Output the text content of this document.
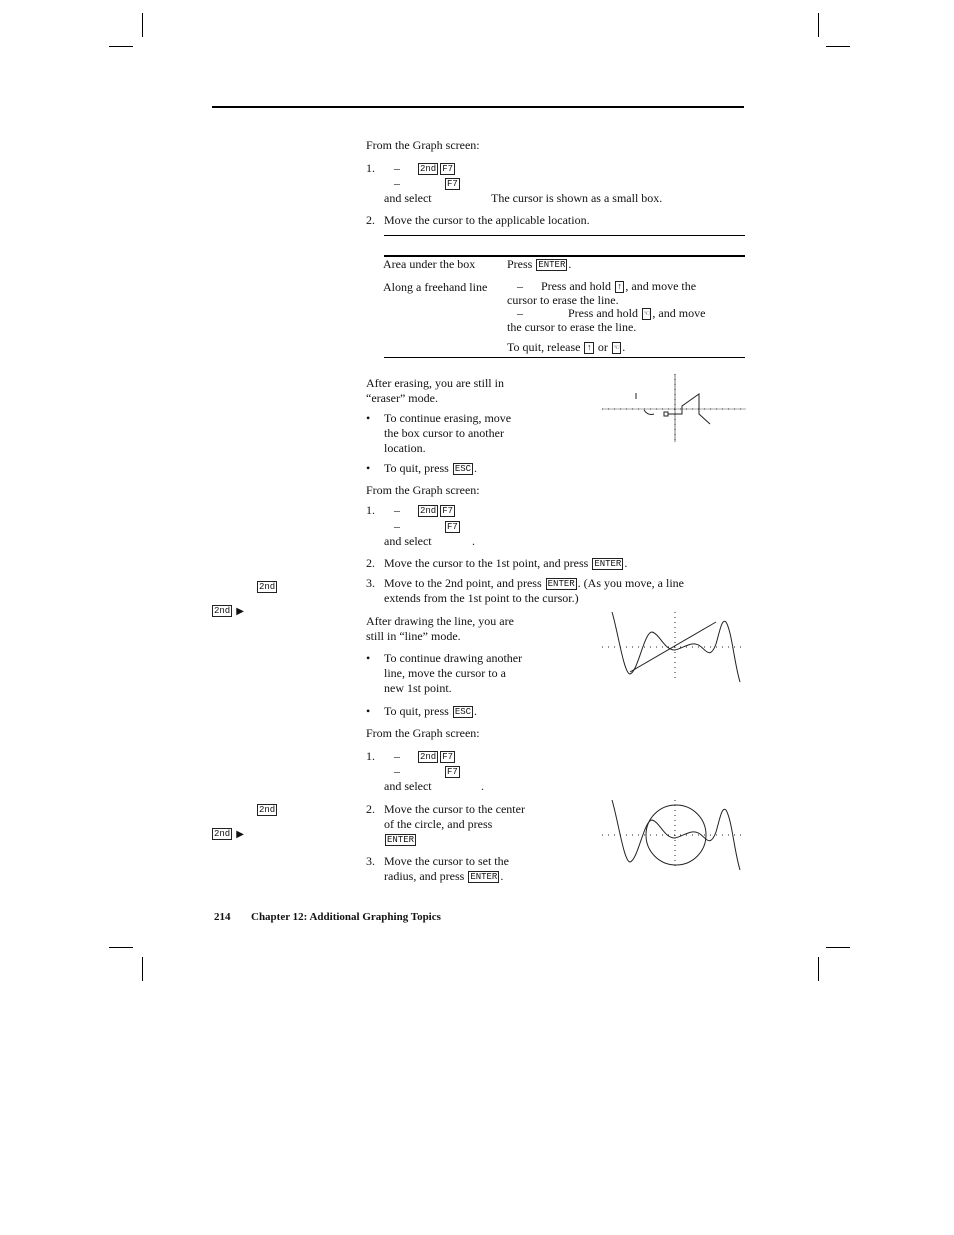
From the Graph screen:
1. –	2nd F7
–	F7
and select	The cursor is shown as a small box.
2. Move the cursor to the applicable location.
Area under the box	Press ENTER .
Along a freehand line – Press and hold ↑ , and move the
cursor to erase the line.
–	Press and hold ☜ , and move
the cursor to erase the line.
To quit, release ↑ or ☜ .
After erasing, you are still in
“eraser” mode.
• To continue erasing, move
the box cursor to another
location.
• To quit, press ESC .
From the Graph screen:
1. –	2nd F7
–	F7
and select	.
2. Move the cursor to the 1st point, and press ENTER .
2nd
2nd ▶︎
3. Move to the 2nd point, and press ENTER . (As you move, a line
extends from the 1st point to the cursor.)
After drawing the line, you are
still in “line” mode.
• To continue drawing another
line, move the cursor to a
new 1st point.
• To quit, press ESC .
From the Graph screen:
1. –	2nd F7
–	F7
and select	.
2nd
2nd ▶︎
2. Move the cursor to the center
of the circle, and press
ENTER
3. Move the cursor to set the
radius, and press ENTER .
214 Chapter 12: Additional Graphing Topics
